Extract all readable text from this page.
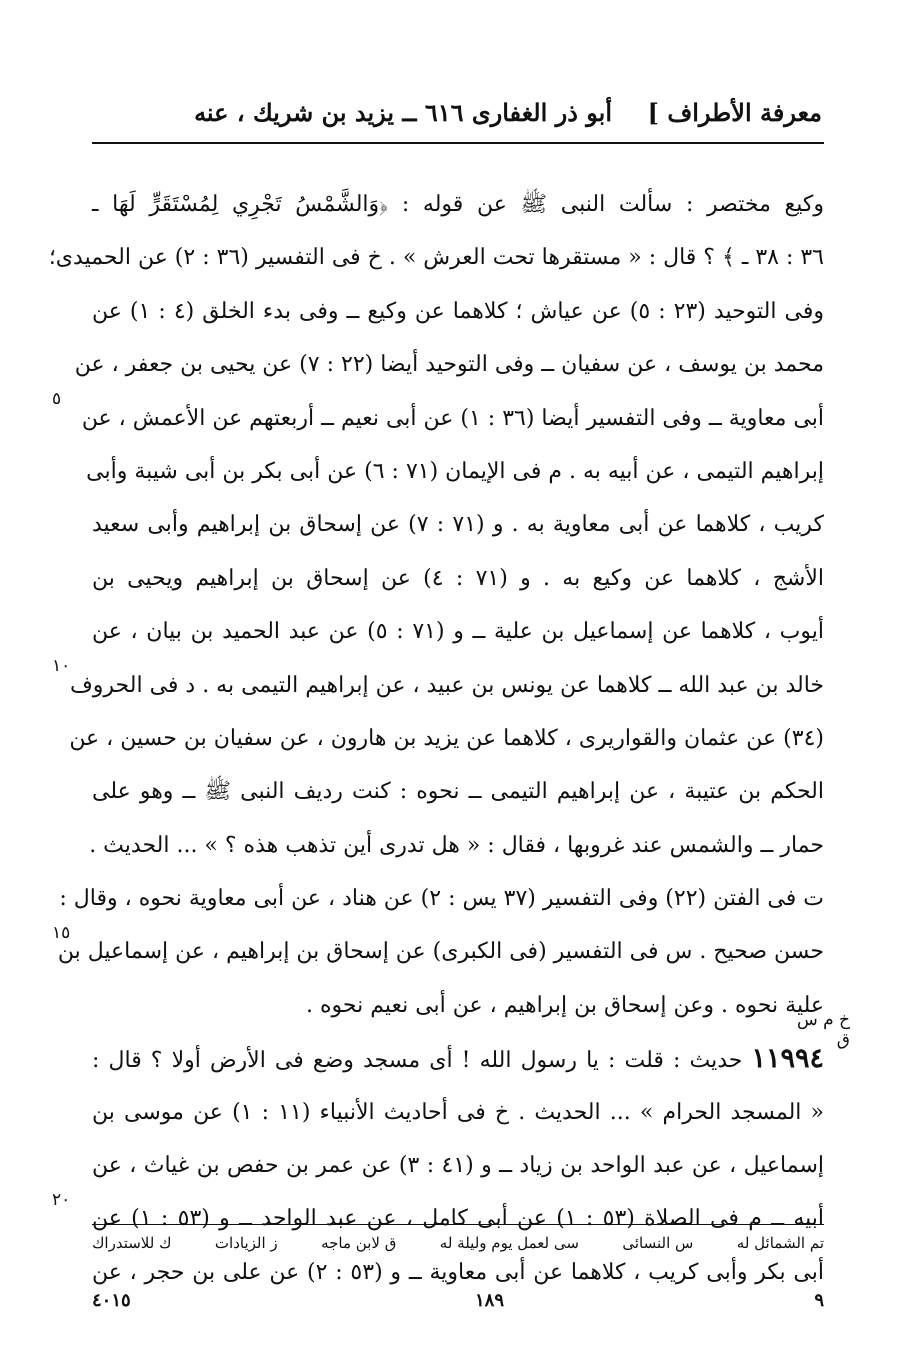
معرفة الأطراف ]
أبو ذر الغفارى ٦١٦ ــ يزيد بن شريك ، عنه
وكيع مختصر : سألت النبى ﷺ عن قوله : ﴿وَالشَّمْسُ تَجْرِي لِمُسْتَقَرٍّ لَهَا ـ
٣٦ : ٣٨ ـ ﴾ ؟ قال : « مستقرها تحت العرش » . خ فى التفسير (٣٦ : ٢) عن الحميدى؛
وفى التوحيد (٢٣ : ٥) عن عياش ؛ كلاهما عن وكيع ــ وفى بدء الخلق (٤ : ١) عن
محمد بن يوسف ، عن سفيان ــ وفى التوحيد أيضا (٢٢ : ٧) عن يحيى بن جعفر ، عن
أبى معاوية ــ وفى التفسير أيضا (٣٦ : ١) عن أبى نعيم ــ أربعتهم عن الأعمش ، عن
إبراهيم التيمى ، عن أبيه به . م فى الإيمان (٧١ : ٦) عن أبى بكر بن أبى شيبة وأبى
كريب ، كلاهما عن أبى معاوية به . و (٧١ : ٧) عن إسحاق بن إبراهيم وأبى سعيد
الأشج ، كلاهما عن وكيع به . و (٧١ : ٤) عن إسحاق بن إبراهيم ويحيى بن
أيوب ، كلاهما عن إسماعيل بن علية ــ و (٧١ : ٥) عن عبد الحميد بن بيان ، عن
خالد بن عبد الله ــ كلاهما عن يونس بن عبيد ، عن إبراهيم التيمى به . د فى الحروف
(٣٤) عن عثمان والقواريرى ، كلاهما عن يزيد بن هارون ، عن سفيان بن حسين ، عن
الحكم بن عتيبة ، عن إبراهيم التيمى ــ نحوه : كنت رديف النبى ﷺ ــ وهو على
حمار ــ والشمس عند غروبها ، فقال : « هل تدرى أين تذهب هذه ؟ » ... الحديث .
ت فى الفتن (٢٢) وفى التفسير (٣٧ يس : ٢) عن هناد ، عن أبى معاوية نحوه ، وقال :
حسن صحيح . س فى التفسير (فى الكبرى) عن إسحاق بن إبراهيم ، عن إسماعيل بن
علية نحوه . وعن إسحاق بن إبراهيم ، عن أبى نعيم نحوه .
١١٩٩٤ حديث : قلت : يا رسول الله ! أى مسجد وضع فى الأرض أولا ؟ قال :
« المسجد الحرام » ... الحديث . خ فى أحاديث الأنبياء (١١ : ١) عن موسى بن
إسماعيل ، عن عبد الواحد بن زياد ــ و (٤١ : ٣) عن عمر بن حفص بن غياث ، عن
أبيه ــ م فى الصلاة (٥٣ : ١) عن أبى كامل ، عن عبد الواحد ــ و (٥٣ : ١) عن
أبى بكر وأبى كريب ، كلاهما عن أبى معاوية ــ و (٥٣ : ٢) عن على بن حجر ، عن
٥
١٠
١٥
٢٠
خ م س ق
تم الشمائل له
س النسائى
سى لعمل يوم وليلة له
ق لابن ماجه
ز الزيادات
ك للاستدراك
٩
١٨٩
٤٠١٥
